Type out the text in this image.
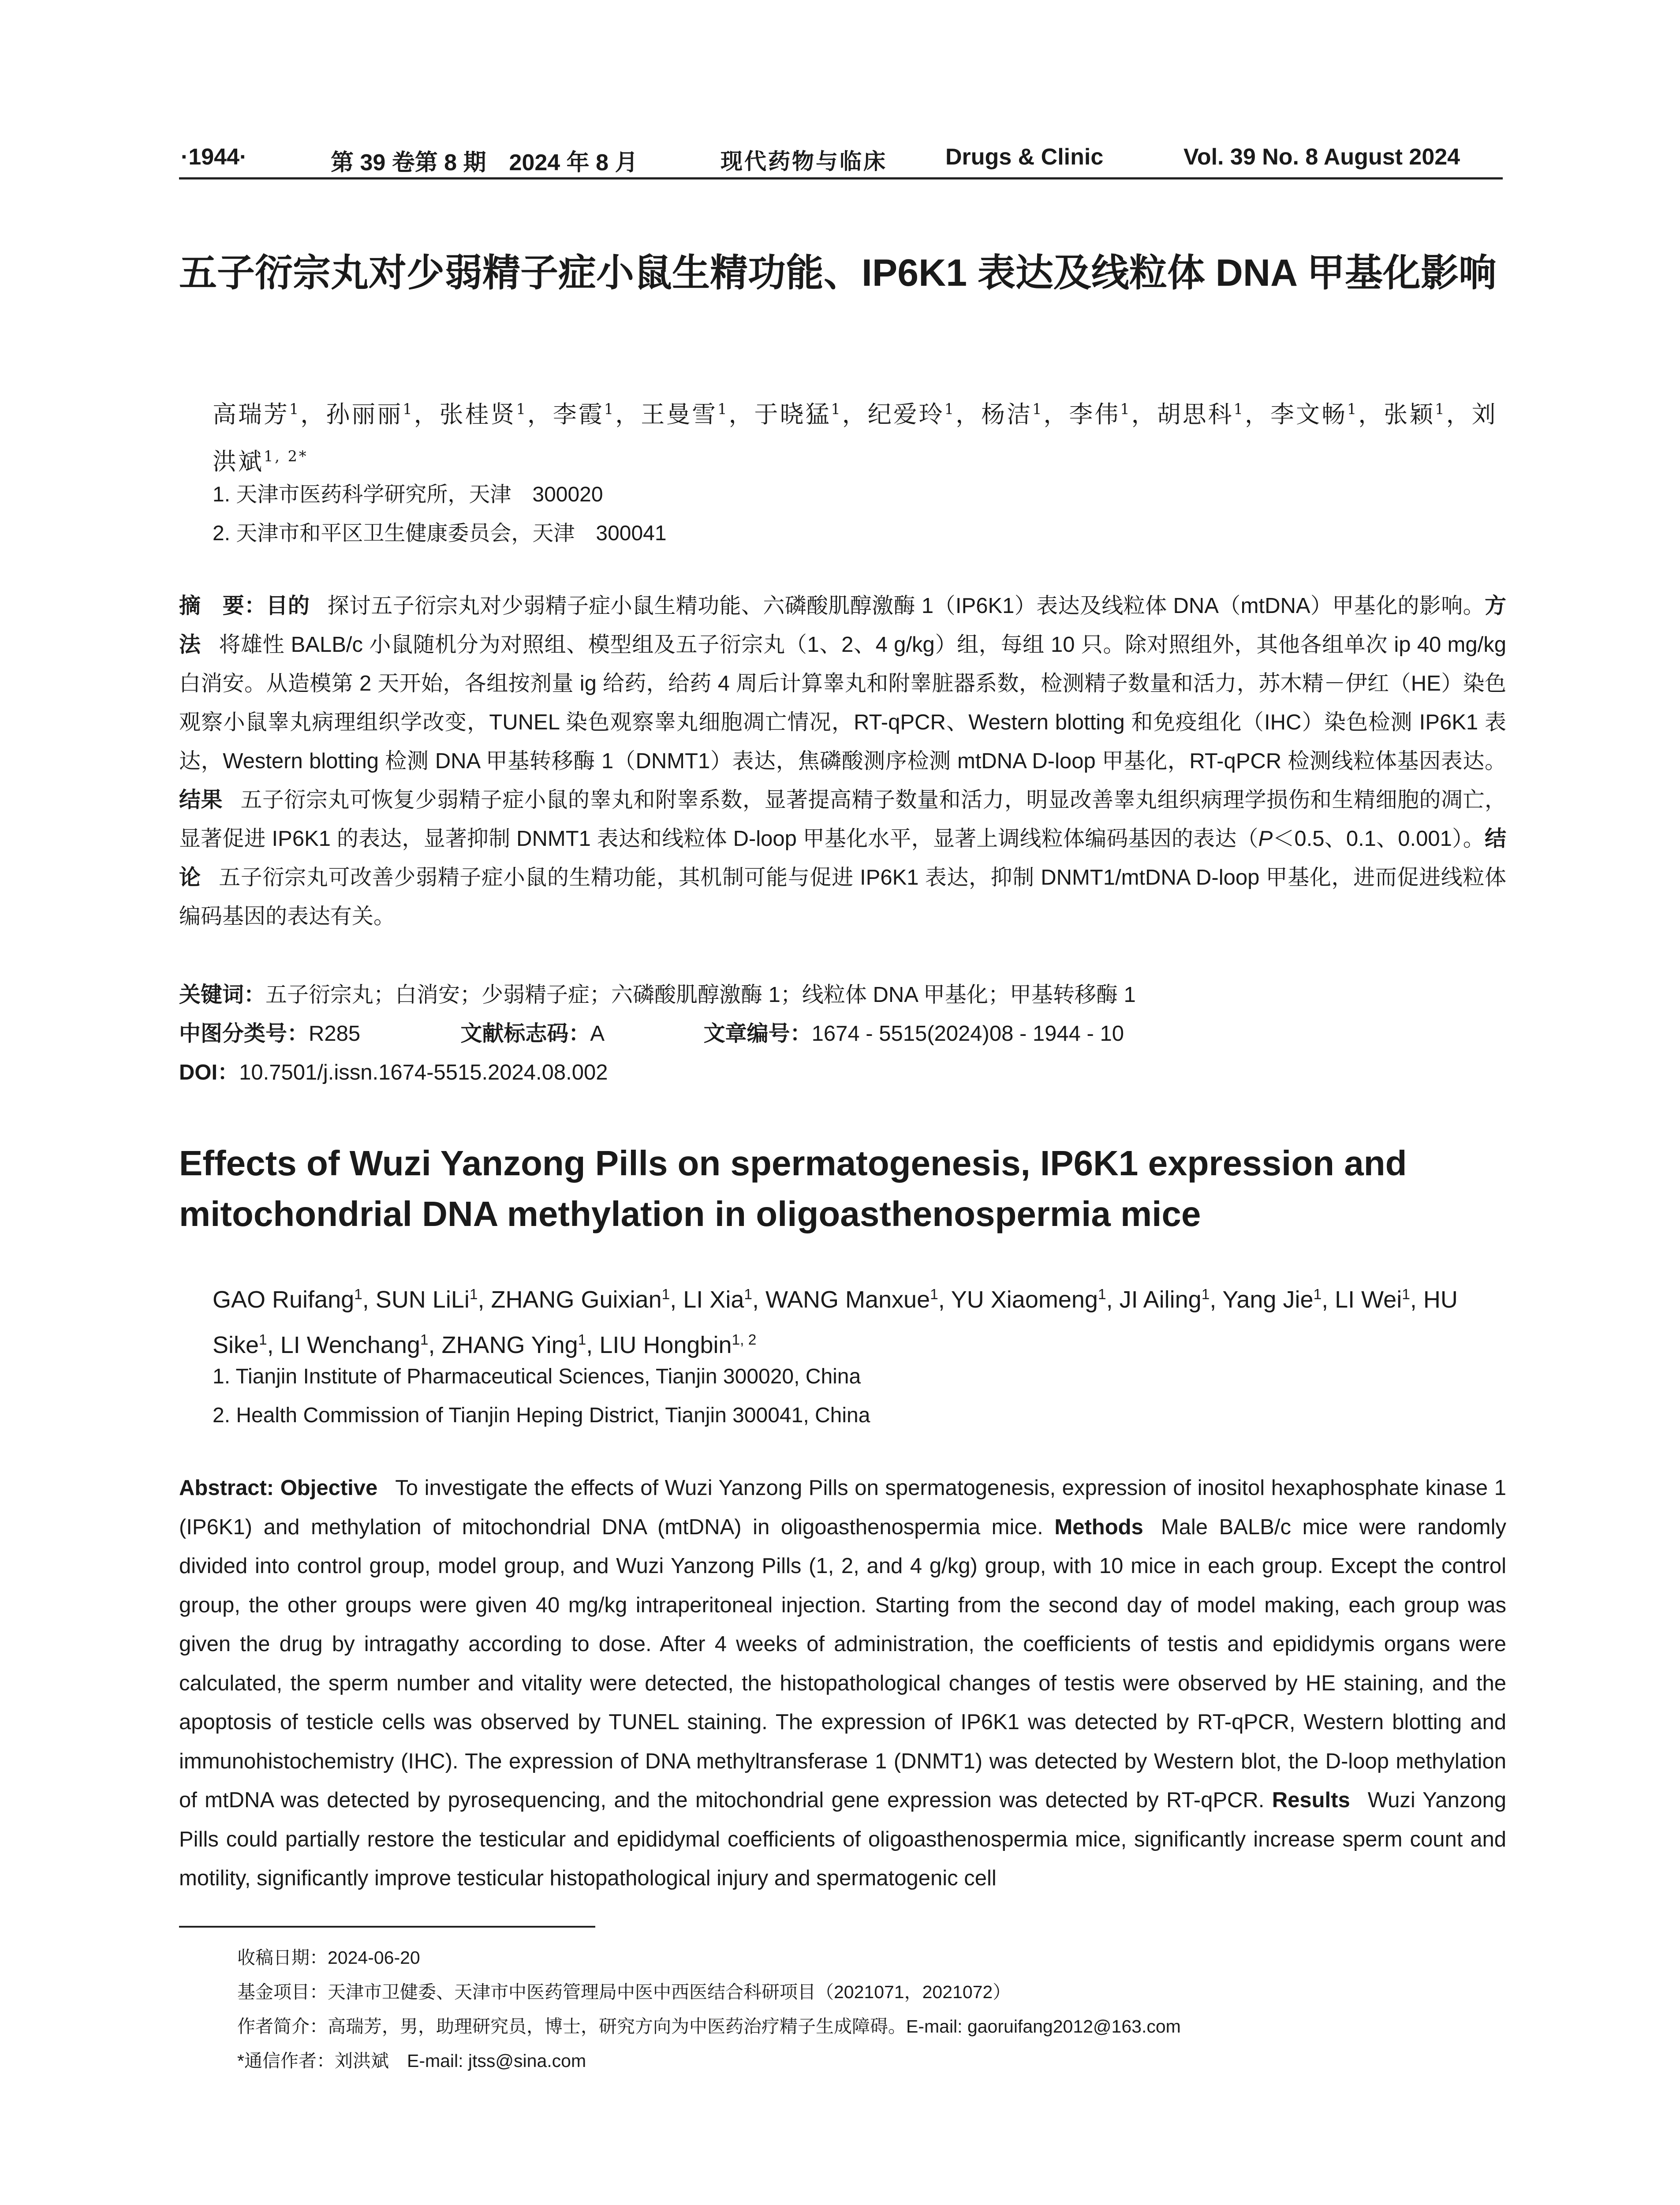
·1944·	第 39 卷第 8 期　2024 年 8 月	现代药物与临床	Drugs & Clinic	Vol. 39 No. 8 August 2024
五子衍宗丸对少弱精子症小鼠生精功能、IP6K1 表达及线粒体 DNA 甲基化影响
高瑞芳$^1$，孙丽丽$^1$，张桂贤$^1$，李霞$^1$，王曼雪$^1$，于晓猛$^1$，纪爱玲$^1$，杨洁$^1$，李伟$^1$，胡思科$^1$，李文畅$^1$，张颖$^1$，刘洪斌$^{1, 2*}$
1. 天津市医药科学研究所，天津　300020
2. 天津市和平区卫生健康委员会，天津　300041
摘　要：目的 探讨五子衍宗丸对少弱精子症小鼠生精功能、六磷酸肌醇激酶 1（IP6K1）表达及线粒体 DNA（mtDNA）甲基化的影响。方法 将雄性 BALB/c 小鼠随机分为对照组、模型组及五子衍宗丸（1、2、4 g/kg）组，每组 10 只。除对照组外，其他各组单次 ip 40 mg/kg 白消安。从造模第 2 天开始，各组按剂量 ig 给药，给药 4 周后计算睾丸和附睾脏器系数，检测精子数量和活力，苏木精－伊红（HE）染色观察小鼠睾丸病理组织学改变，TUNEL 染色观察睾丸细胞凋亡情况，RT-qPCR、Western blotting 和免疫组化（IHC）染色检测 IP6K1 表达，Western blotting 检测 DNA 甲基转移酶 1（DNMT1）表达，焦磷酸测序检测 mtDNA D-loop 甲基化，RT-qPCR 检测线粒体基因表达。结果 五子衍宗丸可恢复少弱精子症小鼠的睾丸和附睾系数，显著提高精子数量和活力，明显改善睾丸组织病理学损伤和生精细胞的凋亡，显著促进 IP6K1 的表达，显著抑制 DNMT1 表达和线粒体 D-loop 甲基化水平，显著上调线粒体编码基因的表达（P＜0.5、0.1、0.001）。结论 五子衍宗丸可改善少弱精子症小鼠的生精功能，其机制可能与促进 IP6K1 表达，抑制 DNMT1/mtDNA D-loop 甲基化，进而促进线粒体编码基因的表达有关。
关键词：五子衍宗丸；白消安；少弱精子症；六磷酸肌醇激酶 1；线粒体 DNA 甲基化；甲基转移酶 1
中图分类号：R285	文献标志码：A	文章编号：1674 - 5515(2024)08 - 1944 - 10
DOI：10.7501/j.issn.1674-5515.2024.08.002
Effects of Wuzi Yanzong Pills on spermatogenesis, IP6K1 expression and mitochondrial DNA methylation in oligoasthenospermia mice
GAO Ruifang$^1$, SUN LiLi$^1$, ZHANG Guixian$^1$, LI Xia$^1$, WANG Manxue$^1$, YU Xiaomeng$^1$, JI Ailing$^1$, Yang Jie$^1$, LI Wei$^1$, HU Sike$^1$, LI Wenchang$^1$, ZHANG Ying$^1$, LIU Hongbin$^{1, 2}$
1. Tianjin Institute of Pharmaceutical Sciences, Tianjin 300020, China
2. Health Commission of Tianjin Heping District, Tianjin 300041, China
Abstract: Objective To investigate the effects of Wuzi Yanzong Pills on spermatogenesis, expression of inositol hexaphosphate kinase 1 (IP6K1) and methylation of mitochondrial DNA (mtDNA) in oligoasthenospermia mice. Methods Male BALB/c mice were randomly divided into control group, model group, and Wuzi Yanzong Pills (1, 2, and 4 g/kg) group, with 10 mice in each group. Except the control group, the other groups were given 40 mg/kg intraperitoneal injection. Starting from the second day of model making, each group was given the drug by intragathy according to dose. After 4 weeks of administration, the coefficients of testis and epididymis organs were calculated, the sperm number and vitality were detected, the histopathological changes of testis were observed by HE staining, and the apoptosis of testicle cells was observed by TUNEL staining. The expression of IP6K1 was detected by RT-qPCR, Western blotting and immunohistochemistry (IHC). The expression of DNA methyltransferase 1 (DNMT1) was detected by Western blot, the D-loop methylation of mtDNA was detected by pyrosequencing, and the mitochondrial gene expression was detected by RT-qPCR. Results Wuzi Yanzong Pills could partially restore the testicular and epididymal coefficients of oligoasthenospermia mice, significantly increase sperm count and motility, significantly improve testicular histopathological injury and spermatogenic cell
收稿日期：2024-06-20
基金项目：天津市卫健委、天津市中医药管理局中医中西医结合科研项目（2021071，2021072）
作者简介：高瑞芳，男，助理研究员，博士，研究方向为中医药治疗精子生成障碍。E-mail: gaoruifang2012@163.com
*通信作者：刘洪斌　E-mail: jtss@sina.com
